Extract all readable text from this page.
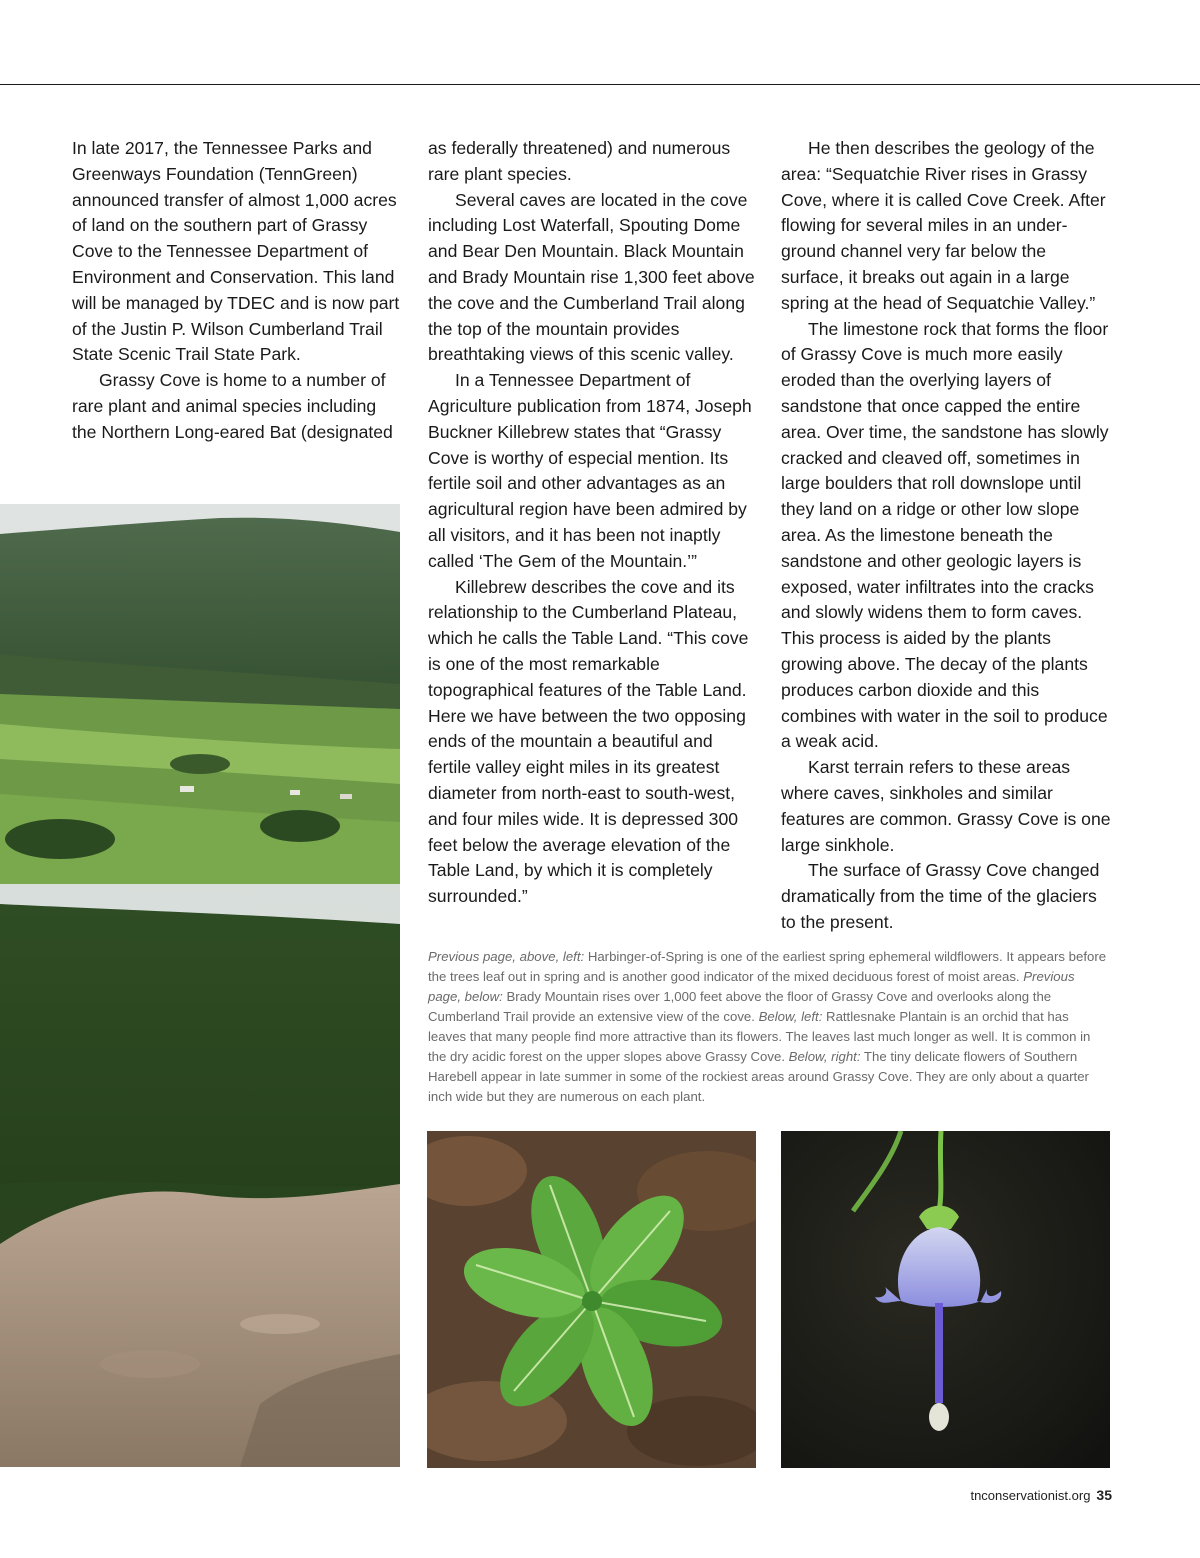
In late 2017, the Tennessee Parks and Greenways Foundation (TennGreen) announced transfer of almost 1,000 acres of land on the southern part of Grassy Cove to the Tennessee Department of Environment and Conservation. This land will be managed by TDEC and is now part of the Justin P. Wilson Cumberland Trail State Scenic Trail State Park.

Grassy Cove is home to a number of rare plant and animal species including the Northern Long-eared Bat (designated

as federally threatened) and numerous rare plant species.

Several caves are located in the cove including Lost Waterfall, Spouting Dome and Bear Den Mountain. Black Mountain and Brady Mountain rise 1,300 feet above the cove and the Cumberland Trail along the top of the mountain provides breathtaking views of this scenic valley.

In a Tennessee Department of Agriculture publication from 1874, Joseph Buckner Killebrew states that “Grassy Cove is worthy of especial mention. Its fertile soil and other advantages as an agricultural region have been admired by all visitors, and it has been not inaptly called ‘The Gem of the Mountain.’”

Killebrew describes the cove and its relationship to the Cumberland Plateau, which he calls the Table Land. “This cove is one of the most remarkable topographical features of the Table Land. Here we have between the two opposing ends of the mountain a beautiful and fertile valley eight miles in its greatest diameter from north-east to south-west, and four miles wide. It is depressed 300 feet below the average elevation of the Table Land, by which it is completely surrounded.”

He then describes the geology of the area: “Sequatchie River rises in Grassy Cove, where it is called Cove Creek. After flowing for several miles in an under-ground channel very far below the surface, it breaks out again in a large spring at the head of Sequatchie Valley.”

The limestone rock that forms the floor of Grassy Cove is much more easily eroded than the overlying layers of sandstone that once capped the entire area. Over time, the sandstone has slowly cracked and cleaved off, sometimes in large boulders that roll downslope until they land on a ridge or other low slope area. As the limestone beneath the sandstone and other geologic layers is exposed, water infiltrates into the cracks and slowly widens them to form caves. This process is aided by the plants growing above. The decay of the plants produces carbon dioxide and this combines with water in the soil to produce a weak acid.

Karst terrain refers to these areas where caves, sinkholes and similar features are common. Grassy Cove is one large sinkhole.

The surface of Grassy Cove changed dramatically from the time of the glaciers to the present.

Previous page, above, left: Harbinger-of-Spring is one of the earliest spring ephemeral wildflowers. It appears before the trees leaf out in spring and is another good indicator of the mixed deciduous forest of moist areas. Previous page, below: Brady Mountain rises over 1,000 feet above the floor of Grassy Cove and overlooks along the Cumberland Trail provide an extensive view of the cove. Below, left: Rattlesnake Plantain is an orchid that has leaves that many people find more attractive than its flowers. The leaves last much longer as well. It is common in the dry acidic forest on the upper slopes above Grassy Cove. Below, right: The tiny delicate flowers of Southern Harebell appear in late summer in some of the rockiest areas around Grassy Cove. They are only about a quarter inch wide but they are numerous on each plant.

tnconservationist.org 35
